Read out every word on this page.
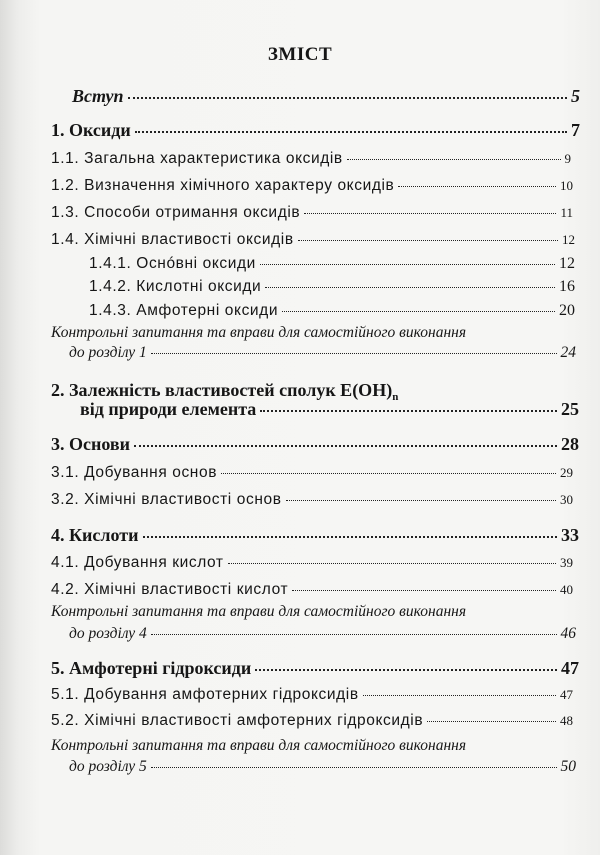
ЗМІСТ
Вступ	5
1. Оксиди	7
1.1. Загальна характеристика оксидів	9
1.2. Визначення хімічного характеру оксидів	10
1.3. Способи отримання оксидів	11
1.4. Хімічні властивості оксидів	12
1.4.1. Оснóвні оксиди	12
1.4.2. Кислотні оксиди	16
1.4.3. Амфотерні оксиди	20
Контрольні запитання та вправи для самостійного виконання
до розділу 1	24
2. Залежність властивостей сполук $Е(ОН)_n$
від природи елемента	25
3. Основи	28
3.1. Добування основ	29
3.2. Хімічні властивості основ	30
4. Кислоти	33
4.1. Добування кислот	39
4.2. Хімічні властивості кислот	40
Контрольні запитання та вправи для самостійного виконання
до розділу 4	46
5. Амфотерні гідроксиди	47
5.1. Добування амфотерних гідроксидів	47
5.2. Хімічні властивості амфотерних гідроксидів	48
Контрольні запитання та вправи для самостійного виконання
до розділу 5	50
